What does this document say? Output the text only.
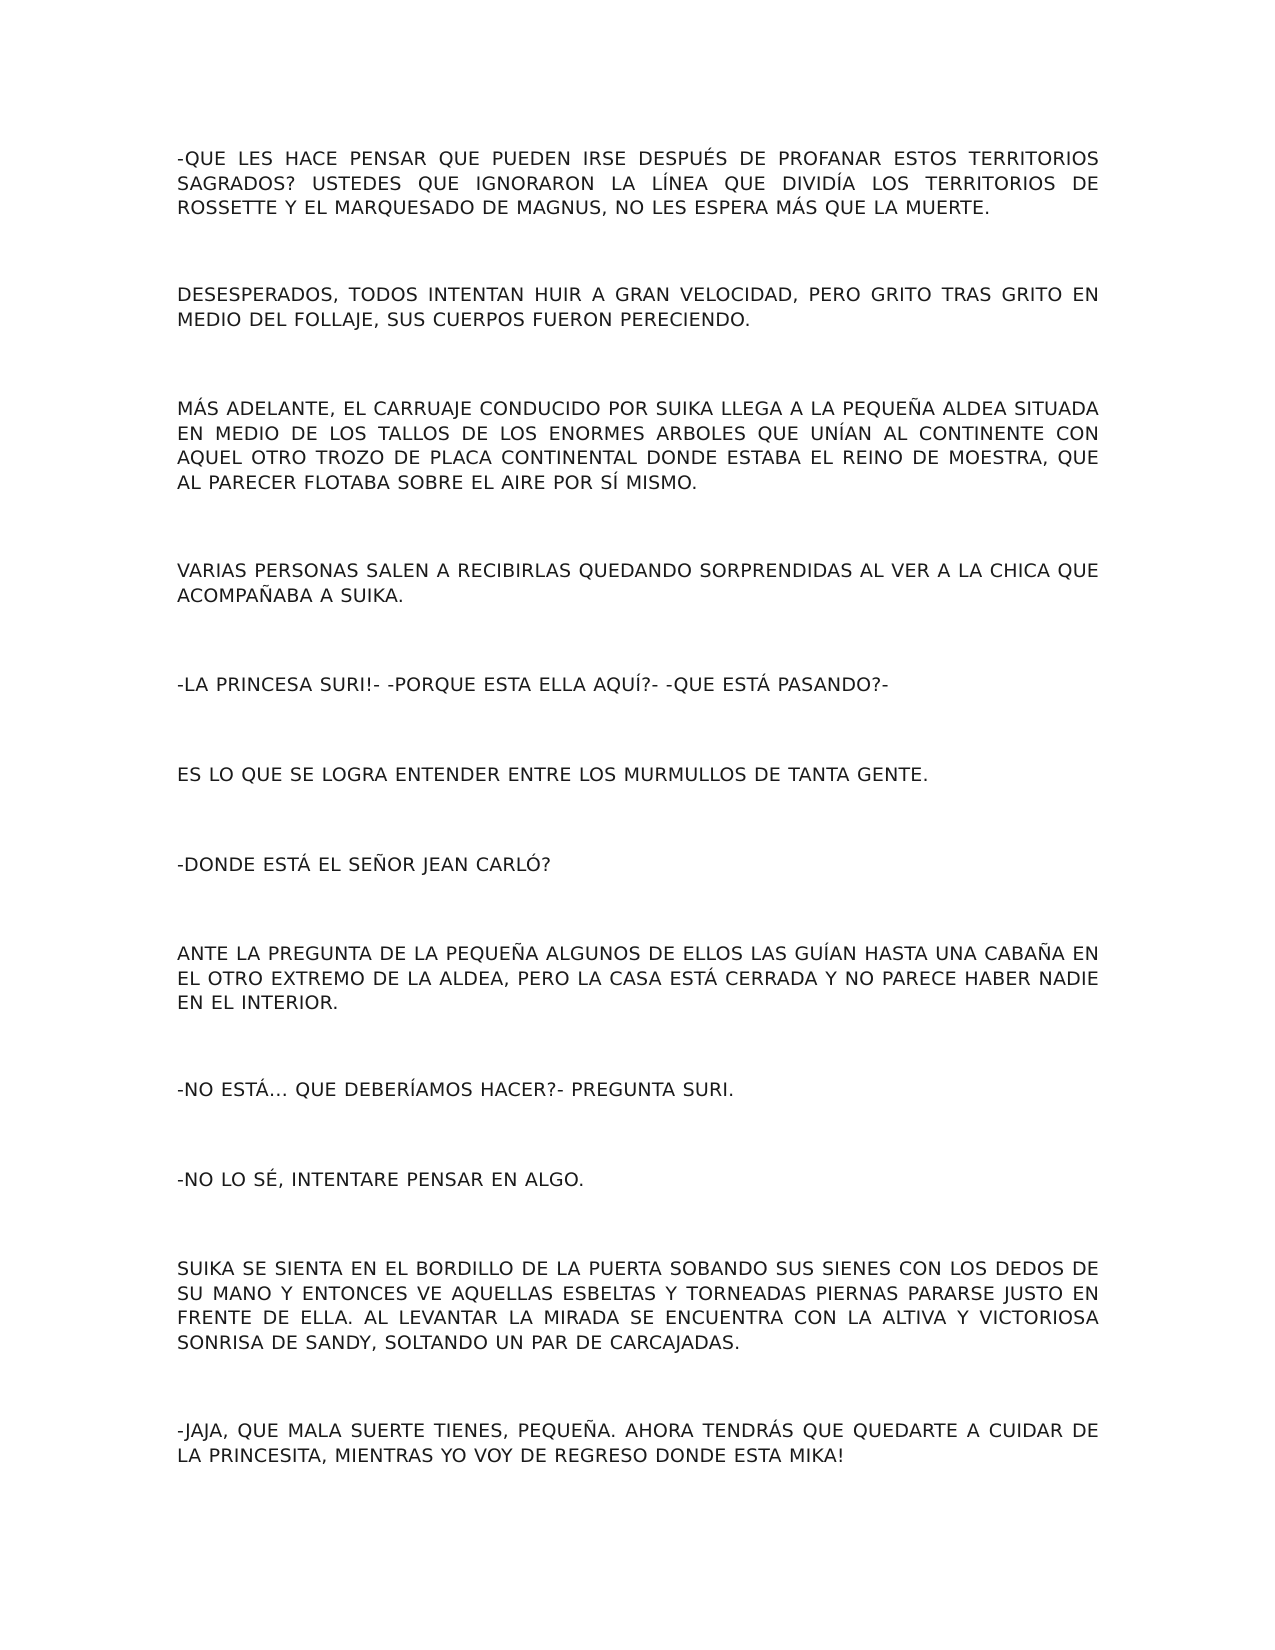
-QUE LES HACE PENSAR QUE PUEDEN IRSE DESPUÉS DE PROFANAR ESTOS TERRITORIOS SAGRADOS? USTEDES QUE IGNORARON LA LÍNEA QUE DIVIDÍA LOS TERRITORIOS DE ROSSETTE Y EL MARQUESADO DE MAGNUS, NO LES ESPERA MÁS QUE LA MUERTE.

DESESPERADOS, TODOS INTENTAN HUIR A GRAN VELOCIDAD, PERO GRITO TRAS GRITO EN MEDIO DEL FOLLAJE, SUS CUERPOS FUERON PERECIENDO.

MÁS ADELANTE, EL CARRUAJE CONDUCIDO POR SUIKA LLEGA A LA PEQUEÑA ALDEA SITUADA EN MEDIO DE LOS TALLOS DE LOS ENORMES ARBOLES QUE UNÍAN AL CONTINENTE CON AQUEL OTRO TROZO DE PLACA CONTINENTAL DONDE ESTABA EL REINO DE MOESTRA, QUE AL PARECER FLOTABA SOBRE EL AIRE POR SÍ MISMO.

VARIAS PERSONAS SALEN A RECIBIRLAS QUEDANDO SORPRENDIDAS AL VER A LA CHICA QUE ACOMPAÑABA A SUIKA.

-LA PRINCESA SURI!- -PORQUE ESTA ELLA AQUÍ?- -QUE ESTÁ PASANDO?-

ES LO QUE SE LOGRA ENTENDER ENTRE LOS MURMULLOS DE TANTA GENTE.

-DONDE ESTÁ EL SEÑOR JEAN CARLÓ?

ANTE LA PREGUNTA DE LA PEQUEÑA ALGUNOS DE ELLOS LAS GUÍAN HASTA UNA CABAÑA EN EL OTRO EXTREMO DE LA ALDEA, PERO LA CASA ESTÁ CERRADA Y NO PARECE HABER NADIE EN EL INTERIOR.

-NO ESTÁ… QUE DEBERÍAMOS HACER?- PREGUNTA SURI.

-NO LO SÉ, INTENTARE PENSAR EN ALGO.

SUIKA SE SIENTA EN EL BORDILLO DE LA PUERTA SOBANDO SUS SIENES CON LOS DEDOS DE SU MANO Y ENTONCES VE AQUELLAS ESBELTAS Y TORNEADAS PIERNAS PARARSE JUSTO EN FRENTE DE ELLA. AL LEVANTAR LA MIRADA SE ENCUENTRA CON LA ALTIVA Y VICTORIOSA SONRISA DE SANDY, SOLTANDO UN PAR DE CARCAJADAS.

-JAJA, QUE MALA SUERTE TIENES, PEQUEÑA. AHORA TENDRÁS QUE QUEDARTE A CUIDAR DE LA PRINCESITA, MIENTRAS YO VOY DE REGRESO DONDE ESTA MIKA!
